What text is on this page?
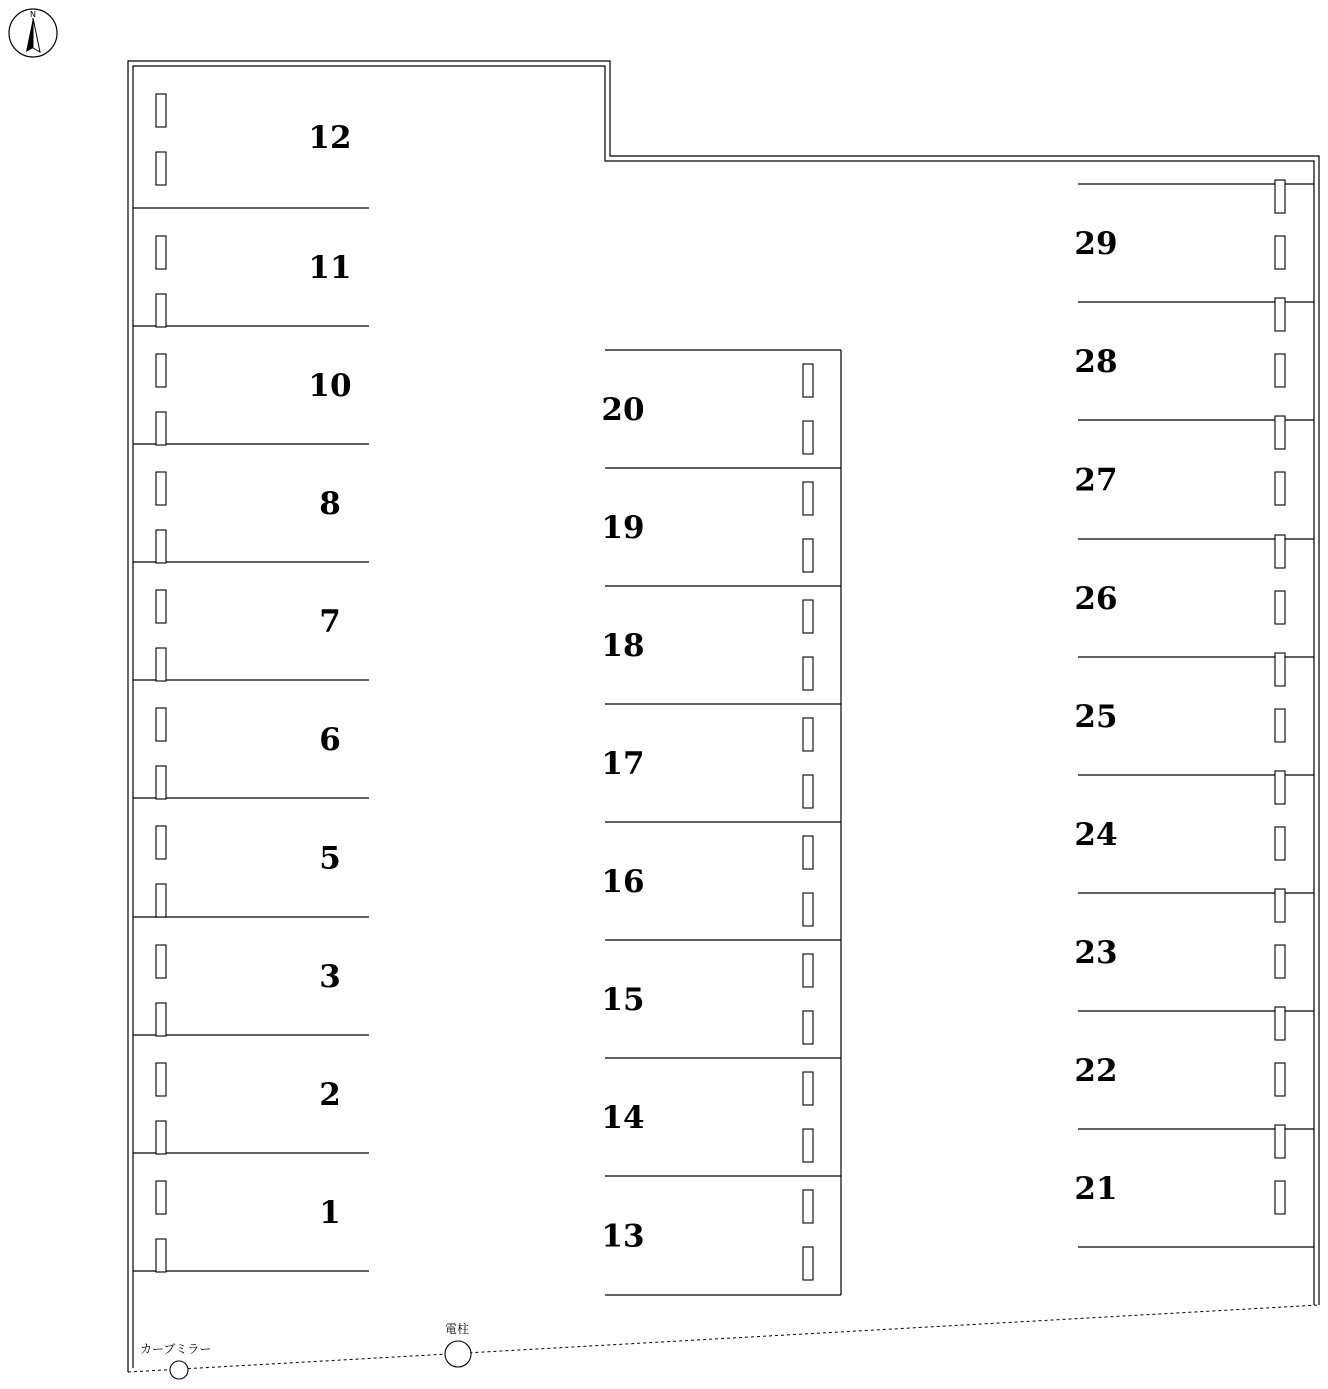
N
12
11
10
8
7
6
5
3
2
1
20
19
18
17
16
15
14
13
29
28
27
26
25
24
23
22
21
カーブミラー
電柱
